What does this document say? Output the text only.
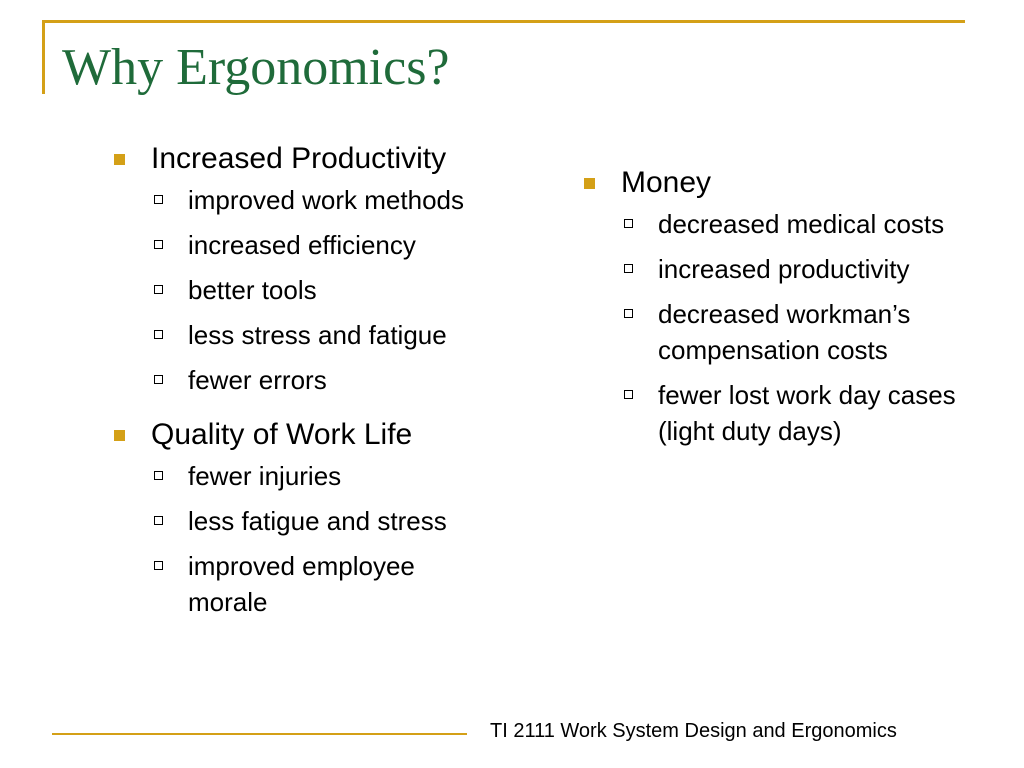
Why Ergonomics?
Increased Productivity
improved work methods
increased efficiency
better tools
less stress and fatigue
fewer errors
Quality of Work Life
fewer injuries
less fatigue and stress
improved employee morale
Money
decreased medical costs
increased productivity
decreased workman’s compensation costs
fewer lost work day cases (light duty days)
TI 2111 Work System Design and Ergonomics
